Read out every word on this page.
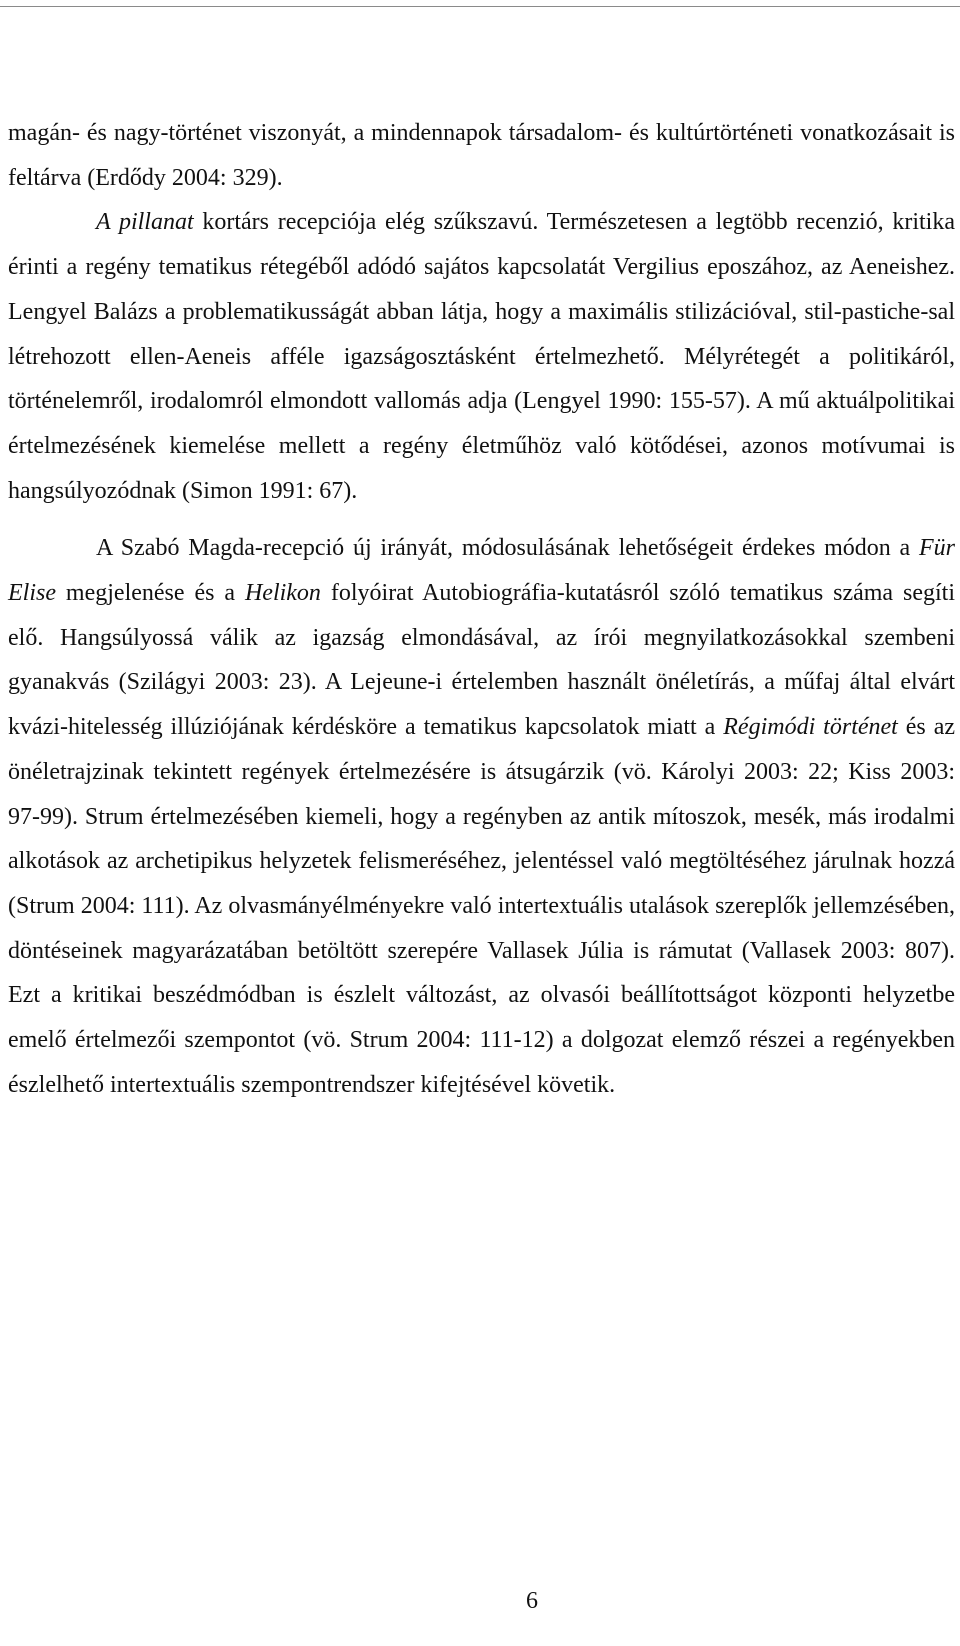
magán- és nagy-történet viszonyát, a mindennapok társadalom- és kultúrtörténeti vonatkozásait is feltárva (Erdődy 2004: 329).

A pillanat kortárs recepciója elég szűkszavú. Természetesen a legtöbb recenzió, kritika érinti a regény tematikus rétegéből adódó sajátos kapcsolatát Vergilius eposzához, az Aeneishez. Lengyel Balázs a problematikusságát abban látja, hogy a maximális stilizációval, stil-pastiche-sal létrehozott ellen-Aeneis afféle igazságosztásként értelmezhető. Mélyrétegét a politikáról, történelemről, irodalomról elmondott vallomás adja (Lengyel 1990: 155-57). A mű aktuálpolitikai értelmezésének kiemelése mellett a regény életműhöz való kötődései, azonos motívumai is hangsúlyozódnak (Simon 1991: 67).

A Szabó Magda-recepció új irányát, módosulásának lehetőségeit érdekes módon a Für Elise megjelenése és a Helikon folyóirat Autobiográfia-kutatásról szóló tematikus száma segíti elő. Hangsúlyossá válik az igazság elmondásával, az írói megnyilatkozásokkal szembeni gyanakvás (Szilágyi 2003: 23). A Lejeune-i értelemben használt önéletírás, a műfaj által elvárt kvázi-hitelesség illúziójának kérdésköre a tematikus kapcsolatok miatt a Régimódi történet és az önéletrajzinak tekintett regények értelmezésére is átsugárzik (vö. Károlyi 2003: 22; Kiss 2003: 97-99). Strum értelmezésében kiemeli, hogy a regényben az antik mítoszok, mesék, más irodalmi alkotások az archetipikus helyzetek felismeréséhez, jelentéssel való megtöltéséhez járulnak hozzá (Strum 2004: 111). Az olvasmányélményekre való intertextuális utalások szereplők jellemzésében, döntéseinek magyarázatában betöltött szerepére Vallasek Júlia is rámutat (Vallasek 2003: 807). Ezt a kritikai beszédmódban is észlelt változást, az olvasói beállítottságot központi helyzetbe emelő értelmezői szempontot (vö. Strum 2004: 111-12) a dolgozat elemző részei a regényekben észlelhető intertextuális szempontrendszer kifejtésével követik.

6
